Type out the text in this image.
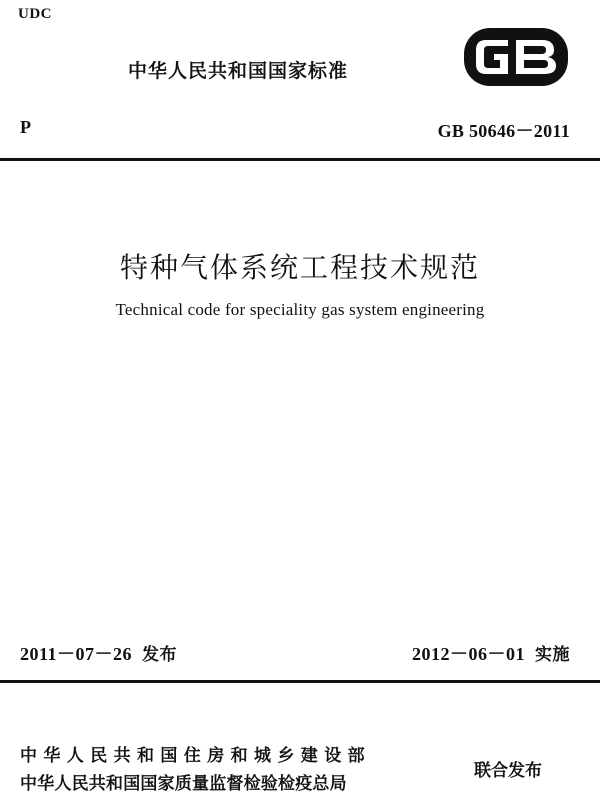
UDC
中华人民共和国国家标准
P	GB 50646－2011
特种气体系统工程技术规范
Technical code for speciality gas system engineering
2011－07－26 发布	2012－06－01 实施
中华人民共和国住房和城乡建设部
中华人民共和国国家质量监督检验检疫总局
联合发布
